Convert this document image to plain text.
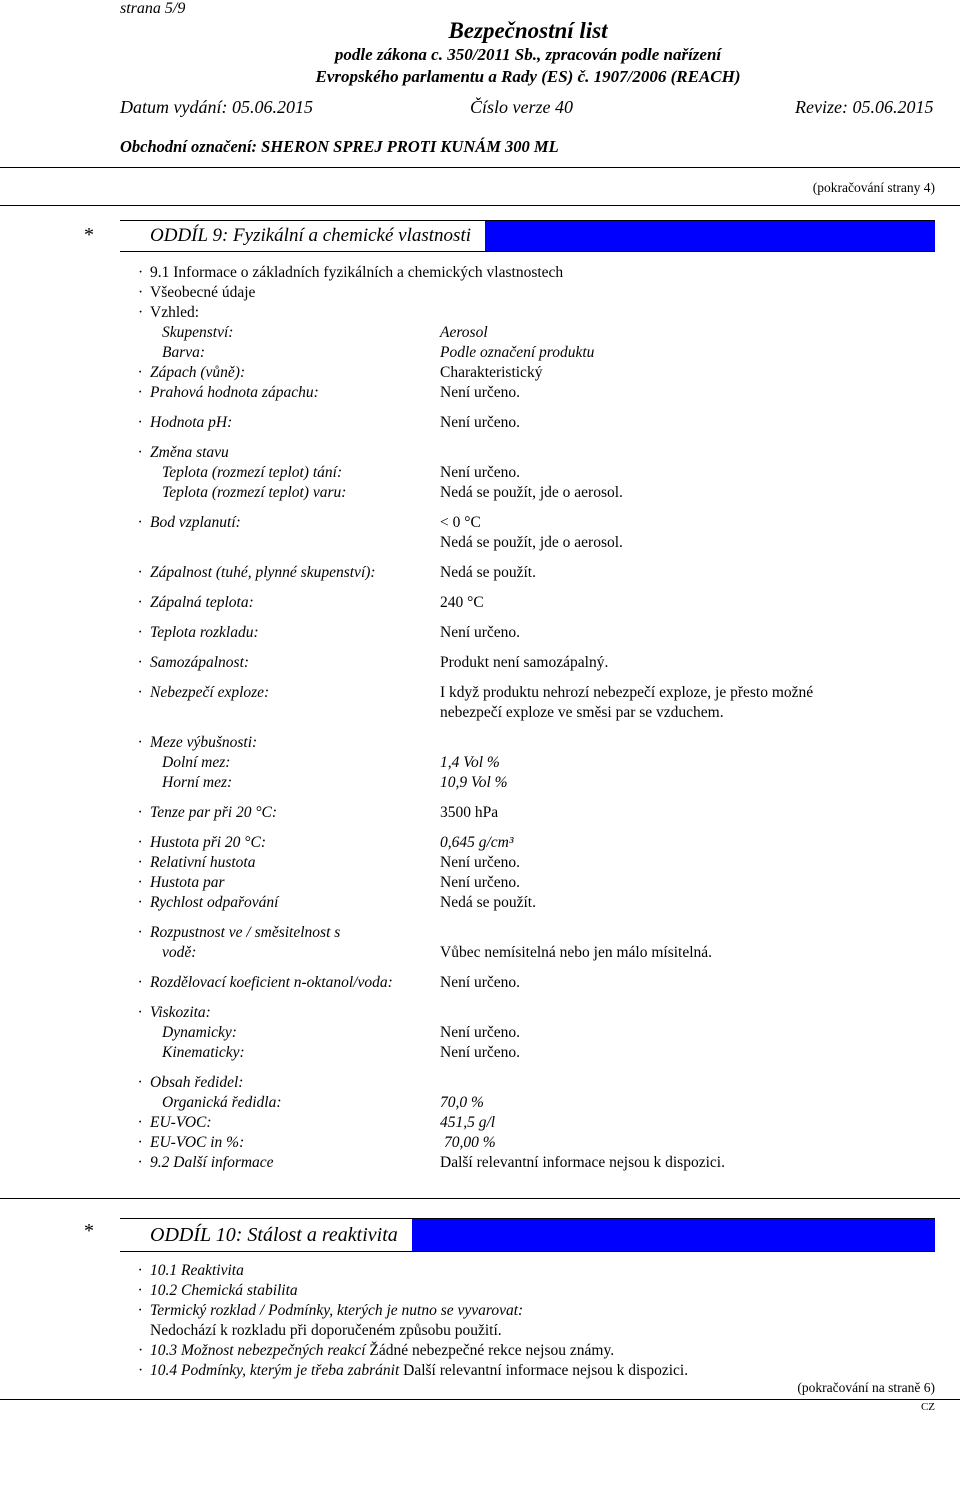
strana 5/9
Bezpečnostní list
podle zákona c. 350/2011 Sb., zpracován podle nařízení
Evropského parlamentu a Rady (ES) č. 1907/2006 (REACH)
Datum vydání: 05.06.2015	Číslo verze 40	Revize: 05.06.2015
Obchodní označení: SHERON SPREJ PROTI KUNÁM 300 ML
(pokračování strany 4)
*	ODDÍL 9: Fyzikální a chemické vlastnosti
· 9.1 Informace o základních fyzikálních a chemických vlastnostech
· Všeobecné údaje
· Vzhled:
Skupenství:	Aerosol
Barva:	Podle označení produktu
· Zápach (vůně):	Charakteristický
· Prahová hodnota zápachu:	Není určeno.
· Hodnota pH:	Není určeno.
· Změna stavu
Teplota (rozmezí teplot) tání:	Není určeno.
Teplota (rozmezí teplot) varu:	Nedá se použít, jde o aerosol.
· Bod vzplanutí:	< 0 °C
Nedá se použít, jde o aerosol.
· Zápalnost (tuhé, plynné skupenství):	Nedá se použít.
· Zápalná teplota:	240 °C
· Teplota rozkladu:	Není určeno.
· Samozápalnost:	Produkt není samozápalný.
· Nebezpečí exploze:	I když produktu nehrozí nebezpečí exploze, je přesto možné
nebezpečí exploze ve směsi par se vzduchem.
· Meze výbušnosti:
Dolní mez:	1,4 Vol %
Horní mez:	10,9 Vol %
· Tenze par při 20 °C:	3500 hPa
· Hustota při 20 °C:	0,645 g/cm³
· Relativní hustota	Není určeno.
· Hustota par	Není určeno.
· Rychlost odpařování	Nedá se použít.
· Rozpustnost ve / směsitelnost s
vodě:	Vůbec nemísitelná nebo jen málo mísitelná.
· Rozdělovací koeficient n-oktanol/voda:	Není určeno.
· Viskozita:
Dynamicky:	Není určeno.
Kinematicky:	Není určeno.
· Obsah ředidel:
Organická ředidla:	70,0 %
· EU-VOC:	451,5 g/l
· EU-VOC in %:	70,00 %
· 9.2 Další informace	Další relevantní informace nejsou k dispozici.
*	ODDÍL 10: Stálost a reaktivita
· 10.1 Reaktivita
· 10.2 Chemická stabilita
· Termický rozklad / Podmínky, kterých je nutno se vyvarovat:
Nedochází k rozkladu při doporučeném způsobu použití.
· 10.3 Možnost nebezpečných reakcí Žádné nebezpečné rekce nejsou známy.
· 10.4 Podmínky, kterým je třeba zabránit Další relevantní informace nejsou k dispozici.
(pokračování na straně 6)
CZ
